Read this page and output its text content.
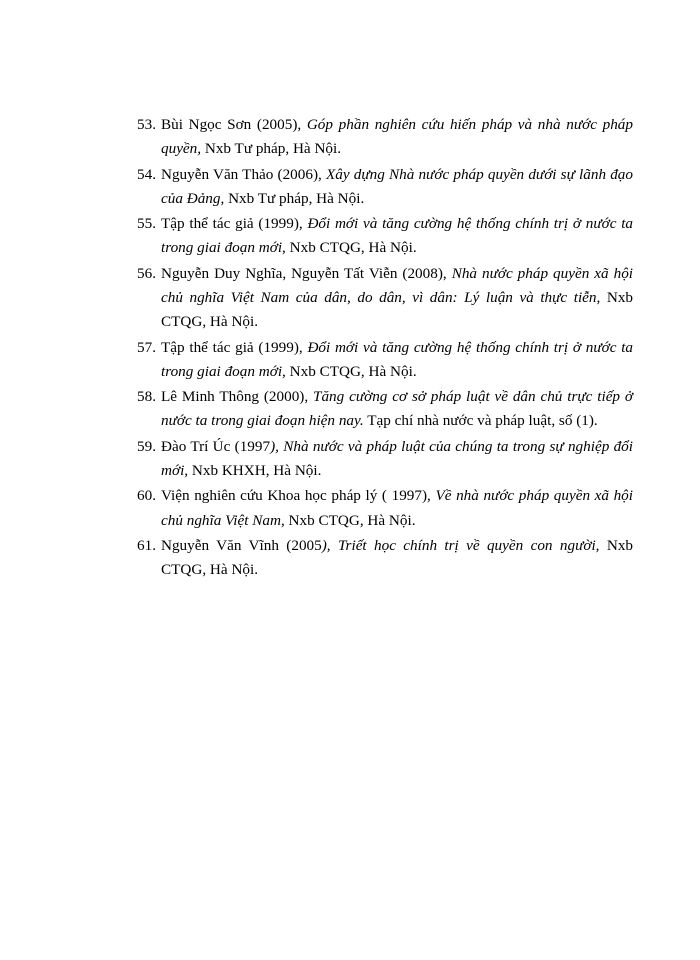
53. Bùi Ngọc Sơn (2005), Góp phần nghiên cứu hiến pháp và nhà nước pháp quyền, Nxb Tư pháp, Hà Nội.
54. Nguyễn Văn Thảo (2006), Xây dựng Nhà nước pháp quyền dưới sự lãnh đạo của Đảng, Nxb Tư pháp, Hà Nội.
55. Tập thể tác giả (1999), Đổi mới và tăng cường hệ thống chính trị ở nước ta trong giai đoạn mới, Nxb CTQG, Hà Nội.
56. Nguyễn Duy Nghĩa, Nguyễn Tất Viễn (2008), Nhà nước pháp quyền xã hội chủ nghĩa Việt Nam của dân, do dân, vì dân: Lý luận và thực tiễn, Nxb CTQG, Hà Nội.
57. Tập thể tác giả (1999), Đổi mới và tăng cường hệ thống chính trị ở nước ta trong giai đoạn mới, Nxb CTQG, Hà Nội.
58. Lê Minh Thông (2000), Tăng cường cơ sở pháp luật về dân chủ trực tiếp ở nước ta trong giai đoạn hiện nay. Tạp chí nhà nước và pháp luật, số (1).
59. Đào Trí Úc (1997), Nhà nước và pháp luật của chúng ta trong sự nghiệp đổi mới, Nxb KHXH, Hà Nội.
60. Viện nghiên cứu Khoa học pháp lý ( 1997), Về nhà nước pháp quyền xã hội chủ nghĩa Việt Nam, Nxb CTQG, Hà Nội.
61. Nguyễn Văn Vĩnh (2005), Triết học chính trị về quyền con người, Nxb CTQG, Hà Nội.
